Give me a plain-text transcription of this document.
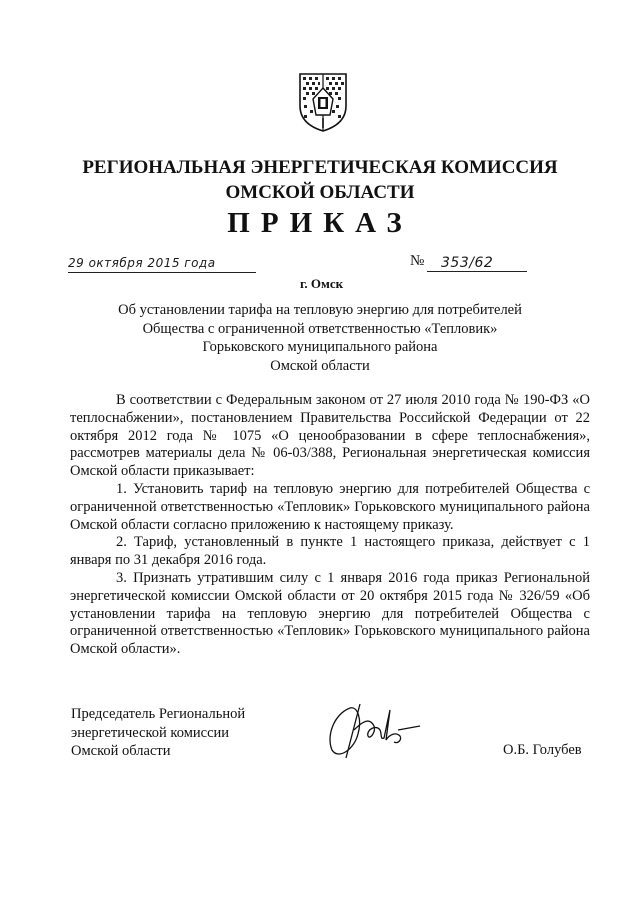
РЕГИОНАЛЬНАЯ ЭНЕРГЕТИЧЕСКАЯ КОМИССИЯ
ОМСКОЙ ОБЛАСТИ
ПРИКАЗ
29 октября 2015 года
г. Омск
№	353/62
Об установлении тарифа на тепловую энергию для потребителей
Общества с ограниченной ответственностью «Тепловик»
Горьковского муниципального района
Омской области

В соответствии с Федеральным законом от 27 июля 2010 года № 190-ФЗ «О теплоснабжении», постановлением Правительства Российской Федерации от 22 октября 2012 года № 1075 «О ценообразовании в сфере теплоснабжения», рассмотрев материалы дела № 06-03/388, Региональная энергетическая комиссия Омской области приказывает:

1. Установить тариф на тепловую энергию для потребителей Общества с ограниченной ответственностью «Тепловик» Горьковского муниципального района Омской области согласно приложению к настоящему приказу.

2. Тариф, установленный в пункте 1 настоящего приказа, действует с 1 января по 31 декабря 2016 года.

3. Признать утратившим силу с 1 января 2016 года приказ Региональной энергетической комиссии Омской области от 20 октября 2015 года № 326/59 «Об установлении тарифа на тепловую энергию для потребителей Общества с ограниченной ответственностью «Тепловик» Горьковского муниципального района Омской области».

Председатель Региональной
энергетической комиссии
Омской области	О.Б. Голубев
